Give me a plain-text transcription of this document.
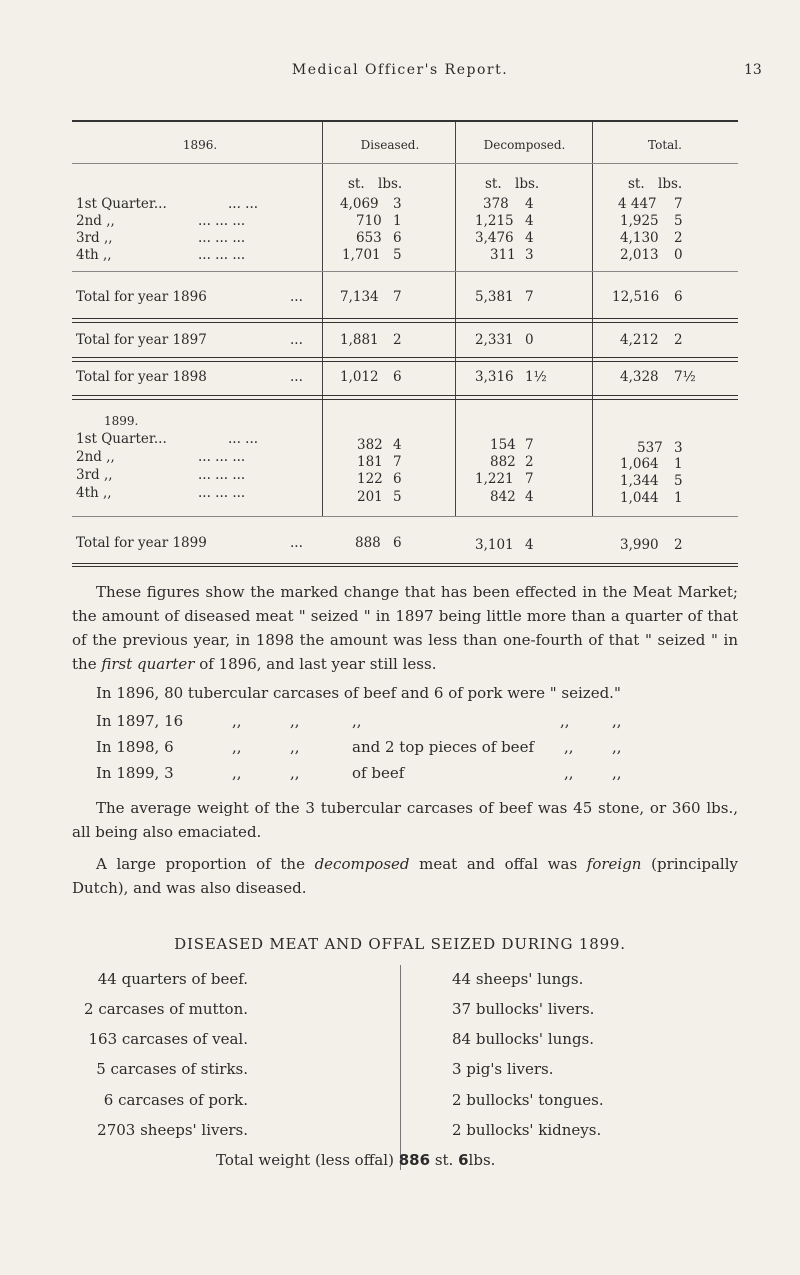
Medical Officer's Report.	13
1896.	Diseased.	Decomposed.	Total.
st. lbs.	st. lbs.	st. lbs.
1st Quarter...	... ...	4,069 3	378 4	4 447 7
2nd ,,	... ... ...	710 1	1,215 4	1,925 5
3rd ,,	... ... ...	653 6	3,476 4	4,130 2
4th ,,	... ... ...	1,701 5	311 3	2,013 0
Total for year 1896	...	7,134 7	5,381 7	12,516 6
Total for year 1897	...	1,881 2	2,331 0	4,212 2
Total for year 1898	...	1,012 6	3,316 1½	4,328 7½
1899.
1st Quarter...	... ...	382 4	154 7	537 3
2nd ,,	... ... ...	181 7	882 2	1,064 1
3rd ,,	... ... ...	122 6	1,221 7	1,344 5
4th ,,	... ... ...	201 5	842 4	1,044 1
Total for year 1899	...	888 6	3,101 4	3,990 2
These figures show the marked change that has been effected in the Meat Market; the amount of diseased meat " seized " in 1897 being little more than a quarter of that of the previous year, in 1898 the amount was less than one-fourth of that " seized " in the first quarter of 1896, and last year still less.
In 1896, 80 tubercular carcases of beef and 6 of pork were " seized."
In 1897, 16	,,	,,	,,	,,	,,
In 1898, 6	,,	,,	and 2 top pieces of beef ,,	,,
In 1899, 3	,,	,,	of beef	,,	,,
The average weight of the 3 tubercular carcases of beef was 45 stone, or 360 lbs., all being also emaciated.
A large proportion of the decomposed meat and offal was foreign (principally Dutch), and was also diseased.
DISEASED MEAT AND OFFAL SEIZED DURING 1899.
44 quarters of beef.
2 carcases of mutton.
163 carcases of veal.
5 carcases of stirks.
6 carcases of pork.
2703 sheeps' livers.
44 sheeps' lungs.
37 bullocks' livers.
84 bullocks' lungs.
3 pig's livers.
2 bullocks' tongues.
2 bullocks' kidneys.
Total weight (less offal) 886 st. 6lbs.
